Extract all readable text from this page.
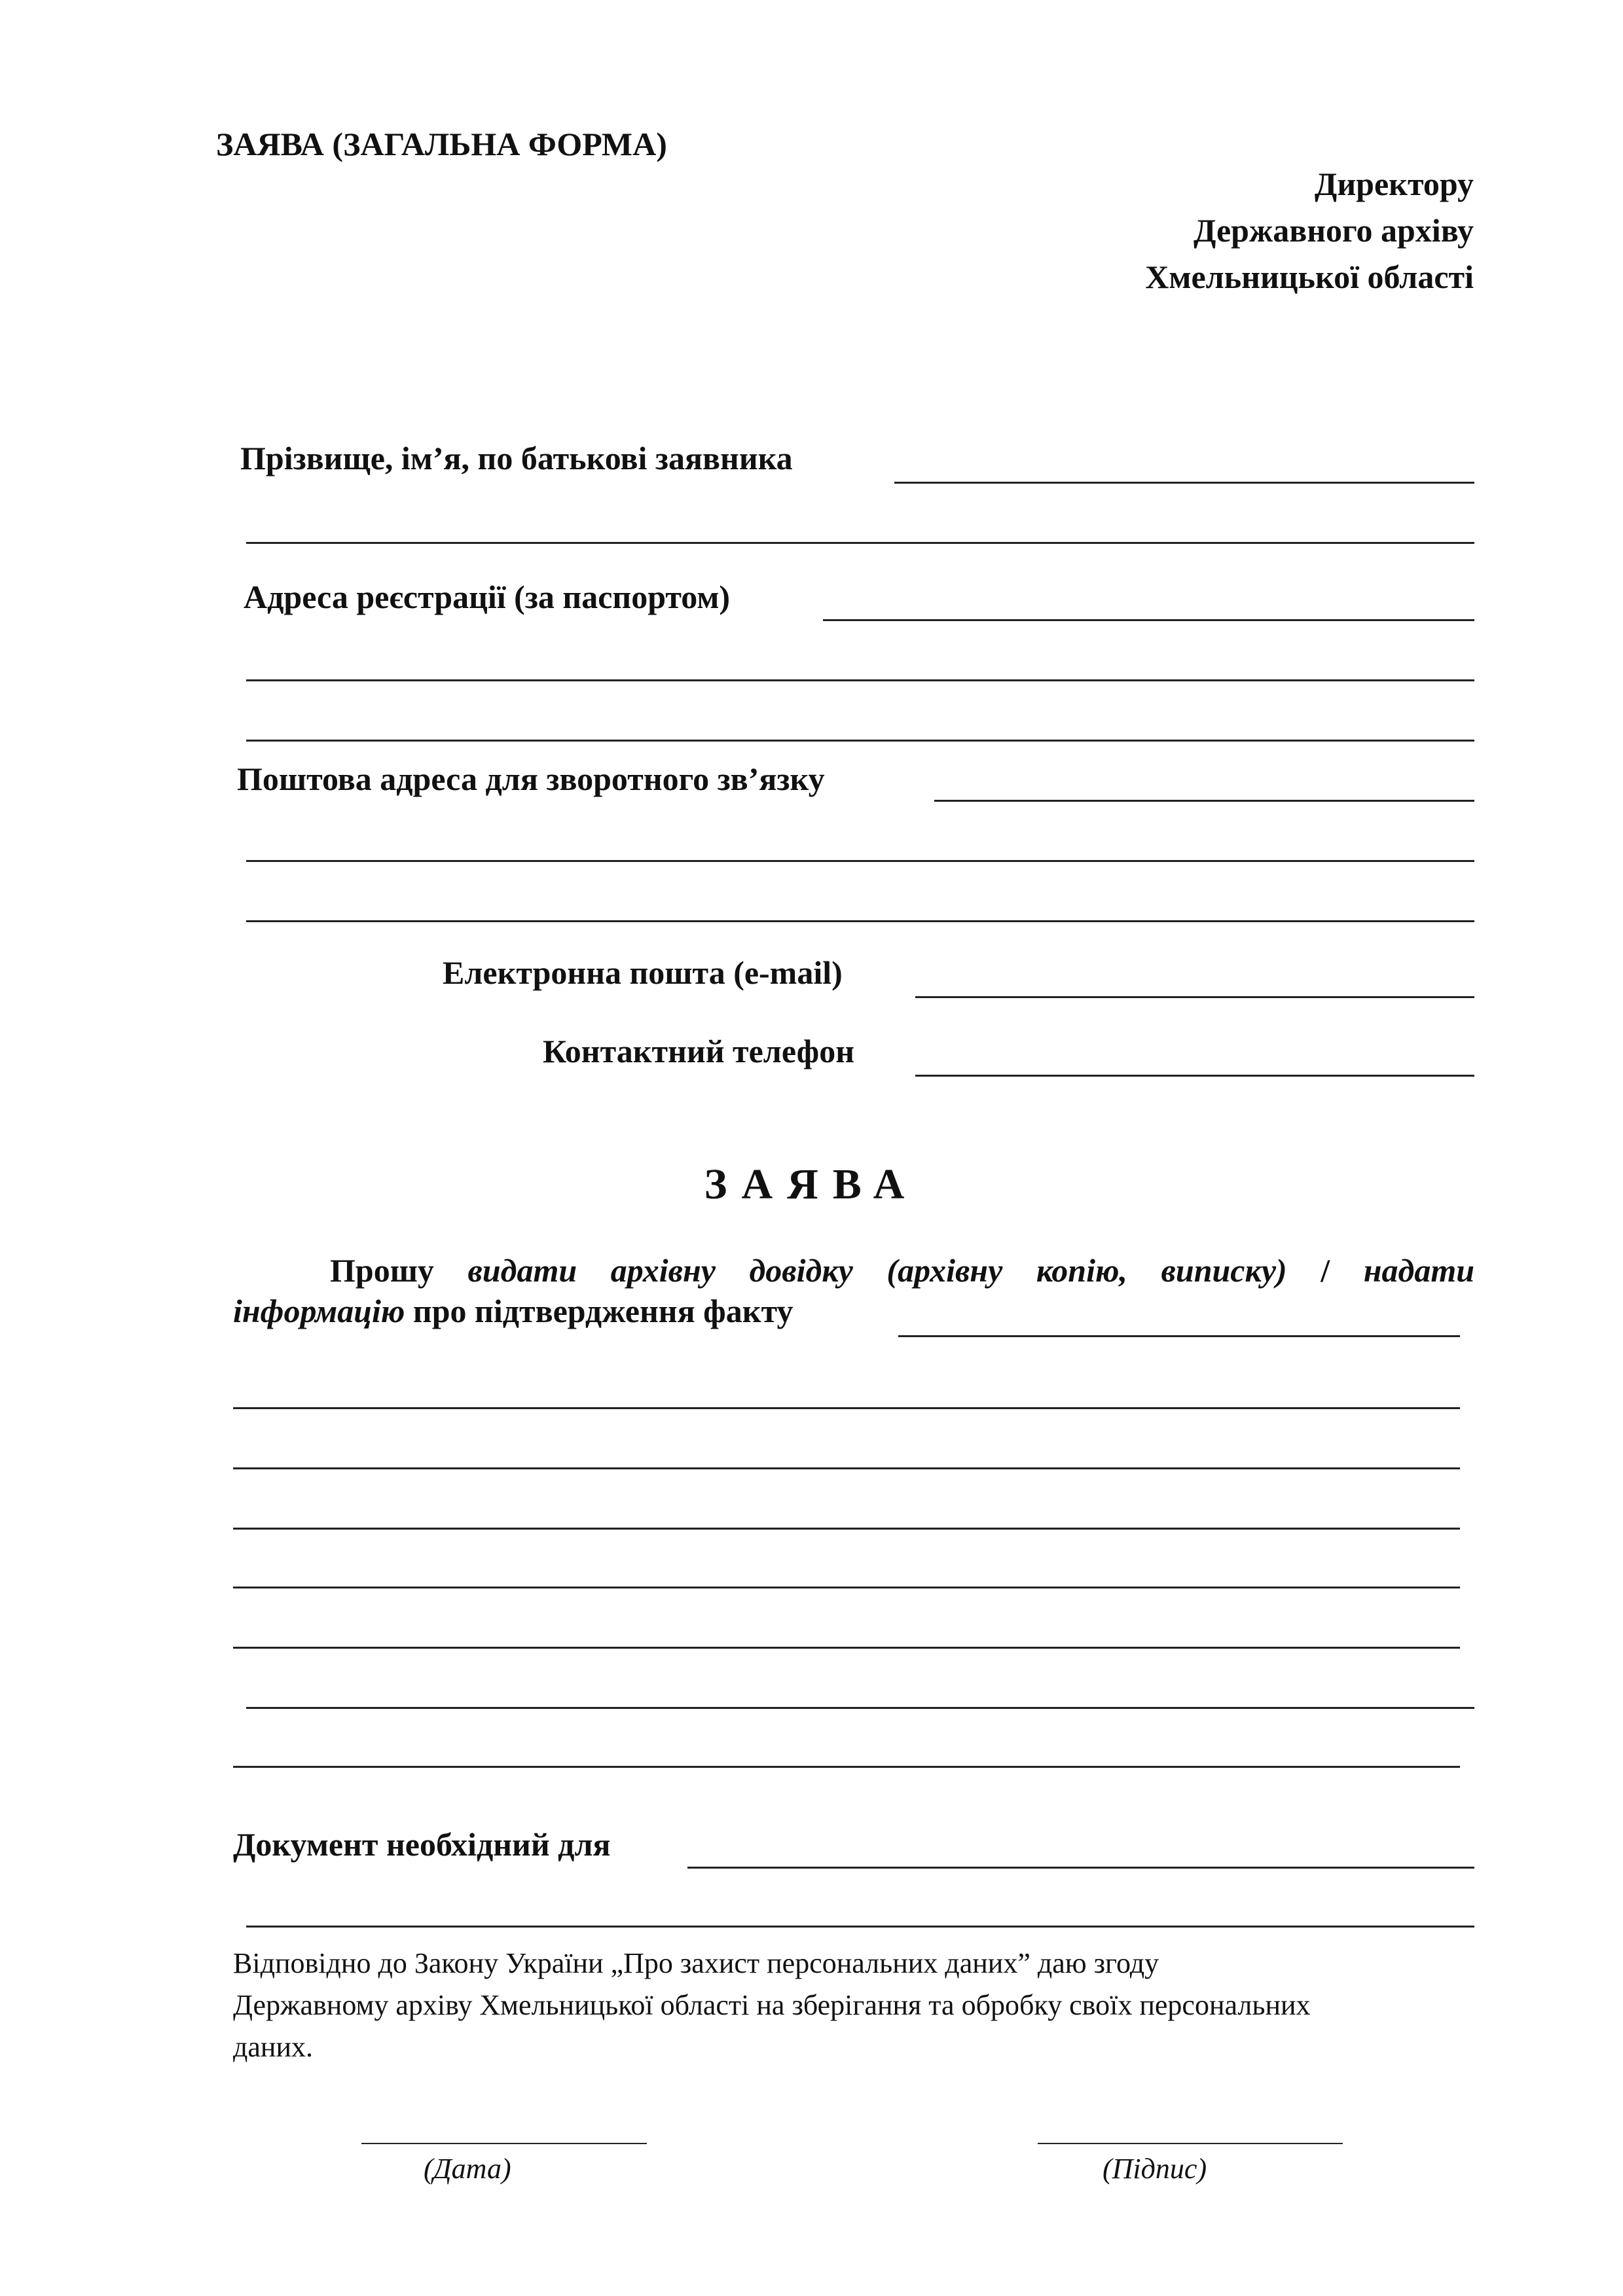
ЗАЯВА (ЗАГАЛЬНА ФОРМА)
Директору
Державного архіву
Хмельницької області
Прізвище, ім’я, по батькові заявника
Адреса реєстрації (за паспортом)
Поштова адреса для зворотного зв’язку
Електронна пошта (e-mail)
Контактний телефон
ЗАЯВА
Прошу видати архівну довідку (архівну копію, виписку) / надати
інформацію про підтвердження факту
Документ необхідний для
Відповідно до Закону України „Про захист персональних даних” даю згоду
Державному архіву Хмельницької області на зберігання та обробку своїх персональних
даних.
(Дата)	(Підпис)
